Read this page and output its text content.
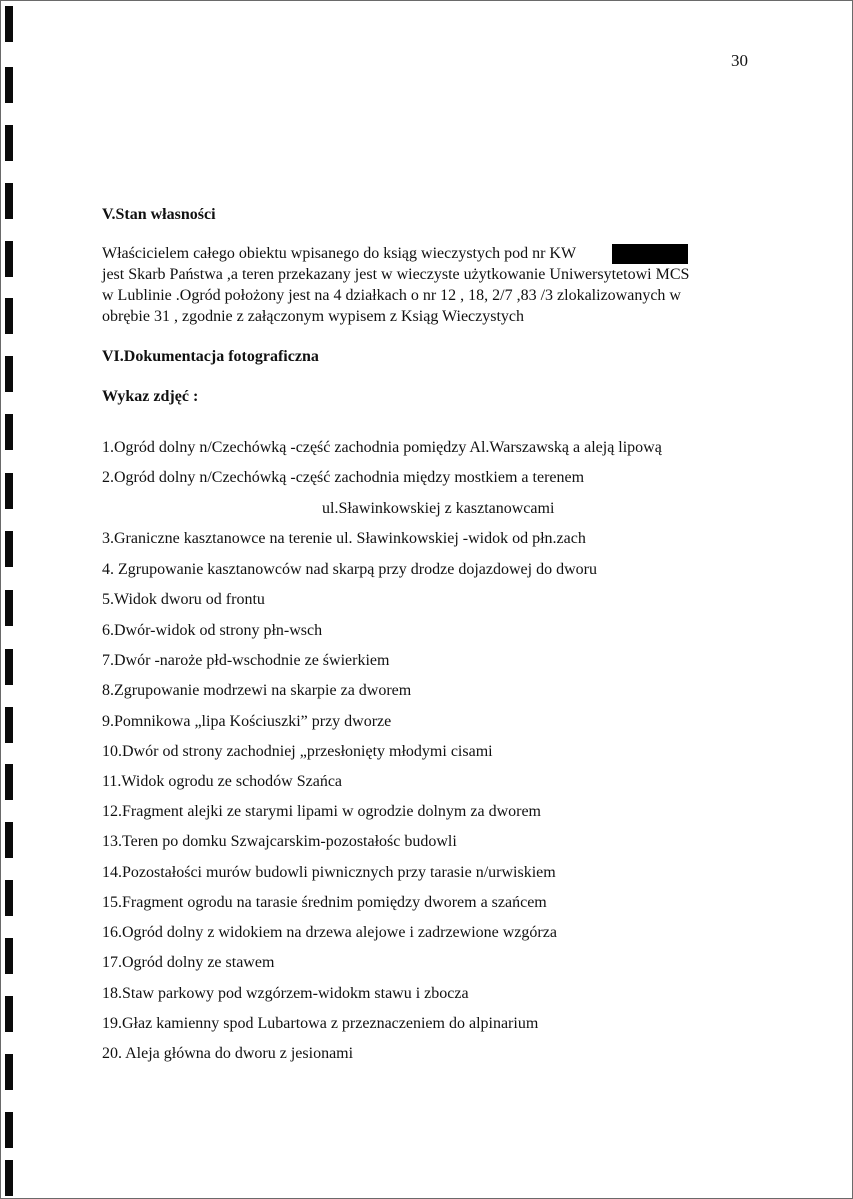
30
V.Stan własności
Właścicielem całego obiektu wpisanego do ksiąg wieczystych pod nr KW
jest Skarb Państwa ,a teren przekazany jest w wieczyste użytkowanie Uniwersytetowi MCS
w Lublinie .Ogród położony jest na 4 działkach o nr 12 , 18, 2/7 ,83 /3 zlokalizowanych w
obrębie 31 , zgodnie z załączonym wypisem z Ksiąg Wieczystych
VI.Dokumentacja fotograficzna
Wykaz zdjęć :
1.Ogród dolny n/Czechówką -część zachodnia pomiędzy Al.Warszawską a aleją lipową
2.Ogród dolny n/Czechówką -część zachodnia między mostkiem a terenem
ul.Sławinkowskiej z kasztanowcami
3.Graniczne kasztanowce na terenie ul. Sławinkowskiej -widok od płn.zach
4. Zgrupowanie kasztanowców nad skarpą przy drodze dojazdowej do dworu
5.Widok dworu od frontu
6.Dwór-widok od strony płn-wsch
7.Dwór -naroże płd-wschodnie ze świerkiem
8.Zgrupowanie modrzewi na skarpie za dworem
9.Pomnikowa „lipa Kościuszki” przy dworze
10.Dwór od strony zachodniej „przesłonięty młodymi cisami
11.Widok ogrodu ze schodów Szańca
12.Fragment alejki ze starymi lipami w ogrodzie dolnym za dworem
13.Teren po domku Szwajcarskim-pozostałośc budowli
14.Pozostałości murów budowli piwnicznych przy tarasie n/urwiskiem
15.Fragment ogrodu na tarasie średnim pomiędzy dworem a szańcem
16.Ogród dolny z widokiem na drzewa alejowe i zadrzewione wzgórza
17.Ogród dolny ze stawem
18.Staw parkowy pod wzgórzem-widokm stawu i zbocza
19.Głaz kamienny spod Lubartowa z przeznaczeniem do alpinarium
20. Aleja główna do dworu z jesionami
